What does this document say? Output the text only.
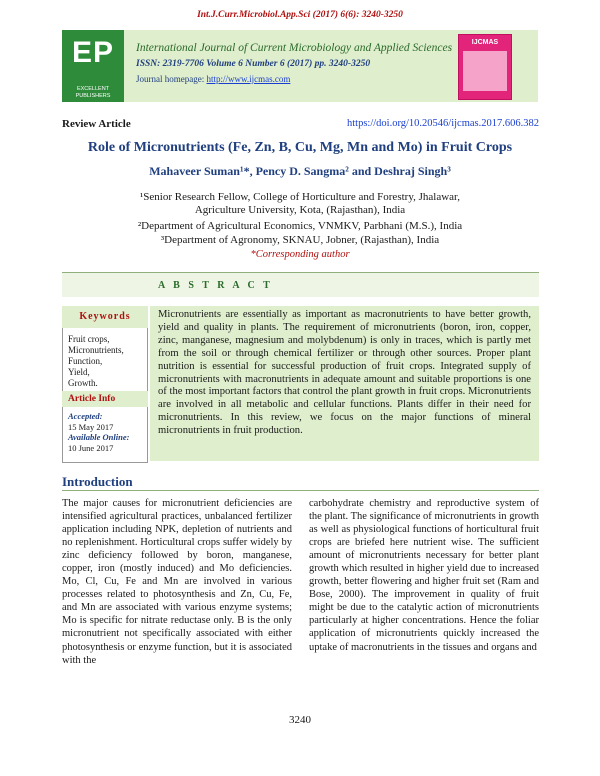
Int.J.Curr.Microbiol.App.Sci (2017) 6(6): 3240-3250
EP
EXCELLENT PUBLISHERS
IJCMAS
International Journal of Current Microbiology and Applied Sciences
ISSN: 2319-7706 Volume 6 Number 6 (2017) pp. 3240-3250
Journal homepage: http://www.ijcmas.com
Review Article	https://doi.org/10.20546/ijcmas.2017.606.382
Role of Micronutrients (Fe, Zn, B, Cu, Mg, Mn and Mo) in Fruit Crops
Mahaveer Suman¹*, Pency D. Sangma² and Deshraj Singh³
¹Senior Research Fellow, College of Horticulture and Forestry, Jhalawar,
Agriculture University, Kota, (Rajasthan), India
²Department of Agricultural Economics, VNMKV, Parbhani (M.S.), India
³Department of Agronomy, SKNAU, Jobner, (Rajasthan), India
*Corresponding author
A B S T R A C T
Keywords
Fruit crops,
Micronutrients,
Function,
Yield,
Growth.
Article Info
Accepted:
15 May 2017
Available Online:
10 June 2017
Micronutrients are essentially as important as macronutrients to have better growth, yield and quality in plants. The requirement of micronutrients (boron, iron, copper, zinc, manganese, magnesium and molybdenum) is only in traces, which is partly met from the soil or through chemical fertilizer or through other sources. Proper plant nutrition is essential for successful production of fruit crops. Integrated supply of micronutrients with macronutrients in adequate amount and suitable proportions is one of the most important factors that control the plant growth in fruit crops. Micronutrients are involved in all metabolic and cellular functions. Plants differ in their need for micronutrients. In this review, we focus on the major functions of mineral micronutrients in fruit production.
Introduction
The major causes for micronutrient deficiencies are intensified agricultural practices, unbalanced fertilizer application including NPK, depletion of nutrients and no replenishment. Horticultural crops suffer widely by zinc deficiency followed by boron, manganese, copper, iron (mostly induced) and Mo deficiencies. Mo, Cl, Cu, Fe and Mn are involved in various processes related to photosynthesis and Zn, Cu, Fe, and Mn are associated with various enzyme systems; Mo is specific for nitrate reductase only. B is the only micronutrient not specifically associated with either photosynthesis or enzyme function, but it is associated with the
carbohydrate chemistry and reproductive system of the plant. The significance of micronutrients in growth as well as physiological functions of horticultural fruit crops are briefed here nutrient wise. The sufficient amount of micronutrients necessary for better plant growth which resulted in higher yield due to increased growth, better flowering and higher fruit set (Ram and Bose, 2000). The improvement in quality of fruit might be due to the catalytic action of micronutrients particularly at higher concentrations. Hence the foliar application of micronutrients quickly increased the uptake of macronutrients in the tissues and organs and
3240
